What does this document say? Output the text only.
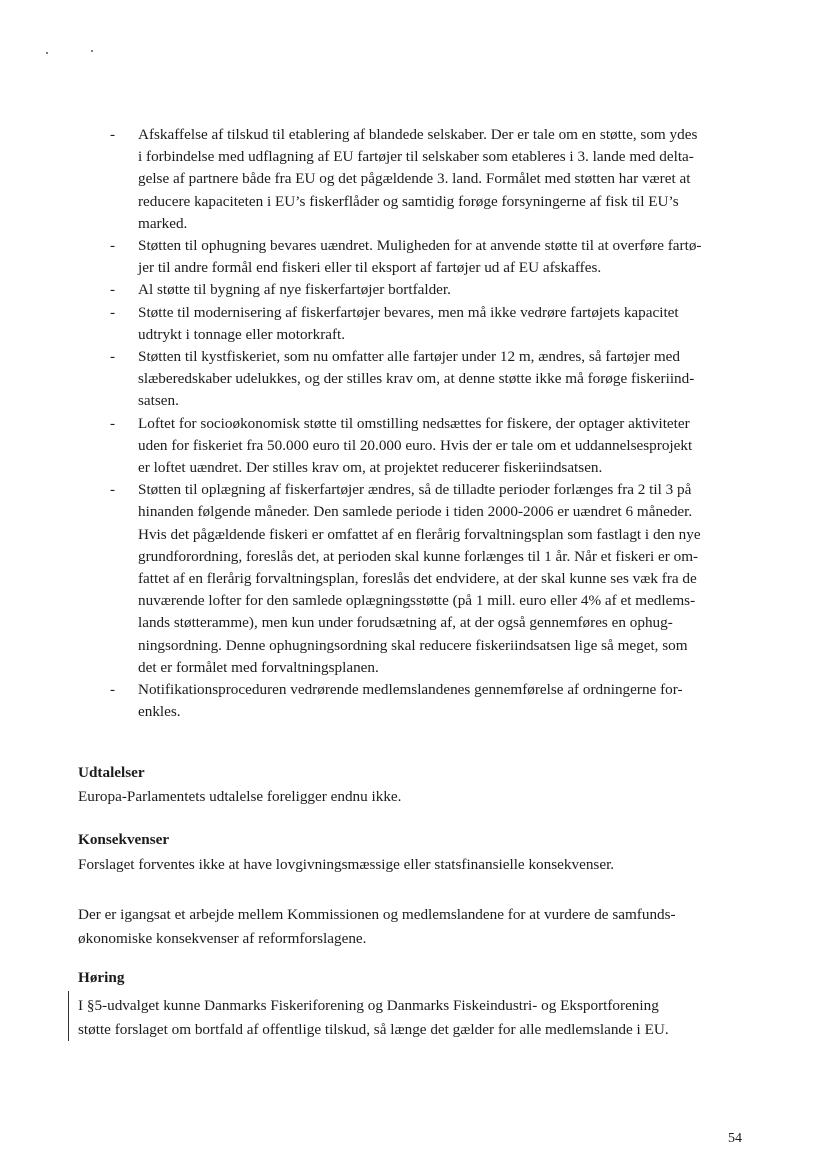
-	Afskaffelse af tilskud til etablering af blandede selskaber. Der er tale om en støtte, som ydes
i forbindelse med udflagning af EU fartøjer til selskaber som etableres i 3. lande med delta-
gelse af partnere både fra EU og det pågældende 3. land. Formålet med støtten har været at
reducere kapaciteten i EU’s fiskerflåder og samtidig forøge forsyningerne af fisk til EU’s
marked.
-	Støtten til ophugning bevares uændret. Muligheden for at anvende støtte til at overføre fartø-
jer til andre formål end fiskeri eller til eksport af fartøjer ud af EU afskaffes.
-	Al støtte til bygning af nye fiskerfartøjer bortfalder.
-	Støtte til modernisering af fiskerfartøjer bevares, men må ikke vedrøre fartøjets kapacitet
udtrykt i tonnage eller motorkraft.
-	Støtten til kystfiskeriet, som nu omfatter alle fartøjer under 12 m, ændres, så fartøjer med
slæberedskaber udelukkes, og der stilles krav om, at denne støtte ikke må forøge fiskeriind-
satsen.
-	Loftet for socioøkonomisk støtte til omstilling nedsættes for fiskere, der optager aktiviteter
uden for fiskeriet fra 50.000 euro til 20.000 euro. Hvis der er tale om et uddannelsesprojekt
er loftet uændret. Der stilles krav om, at projektet reducerer fiskeriindsatsen.
-	Støtten til oplægning af fiskerfartøjer ændres, så de tilladte perioder forlænges fra 2 til 3 på
hinanden følgende måneder. Den samlede periode i tiden 2000-2006 er uændret 6 måneder.
Hvis det pågældende fiskeri er omfattet af en flerårig forvaltningsplan som fastlagt i den nye
grundforordning, foreslås det, at perioden skal kunne forlænges til 1 år. Når et fiskeri er om-
fattet af en flerårig forvaltningsplan, foreslås det endvidere, at der skal kunne ses væk fra de
nuværende lofter for den samlede oplægningsstøtte (på 1 mill. euro eller 4% af et medlems-
lands støtteramme), men kun under forudsætning af, at der også gennemføres en ophug-
ningsordning. Denne ophugningsordning skal reducere fiskeriindsatsen lige så meget, som
det er formålet med forvaltningsplanen.
-	Notifikationsproceduren vedrørende medlemslandenes gennemførelse af ordningerne for-
enkles.
Udtalelser
Europa-Parlamentets udtalelse foreligger endnu ikke.
Konsekvenser
Forslaget forventes ikke at have lovgivningsmæssige eller statsfinansielle konsekvenser.
Der er igangsat et arbejde mellem Kommissionen og medlemslandene for at vurdere de samfunds-
økonomiske konsekvenser af reformforslagene.
Høring
I §5-udvalget kunne Danmarks Fiskeriforening og Danmarks Fiskeindustri- og Eksportforening
støtte forslaget om bortfald af offentlige tilskud, så længe det gælder for alle medlemslande i EU.
54
